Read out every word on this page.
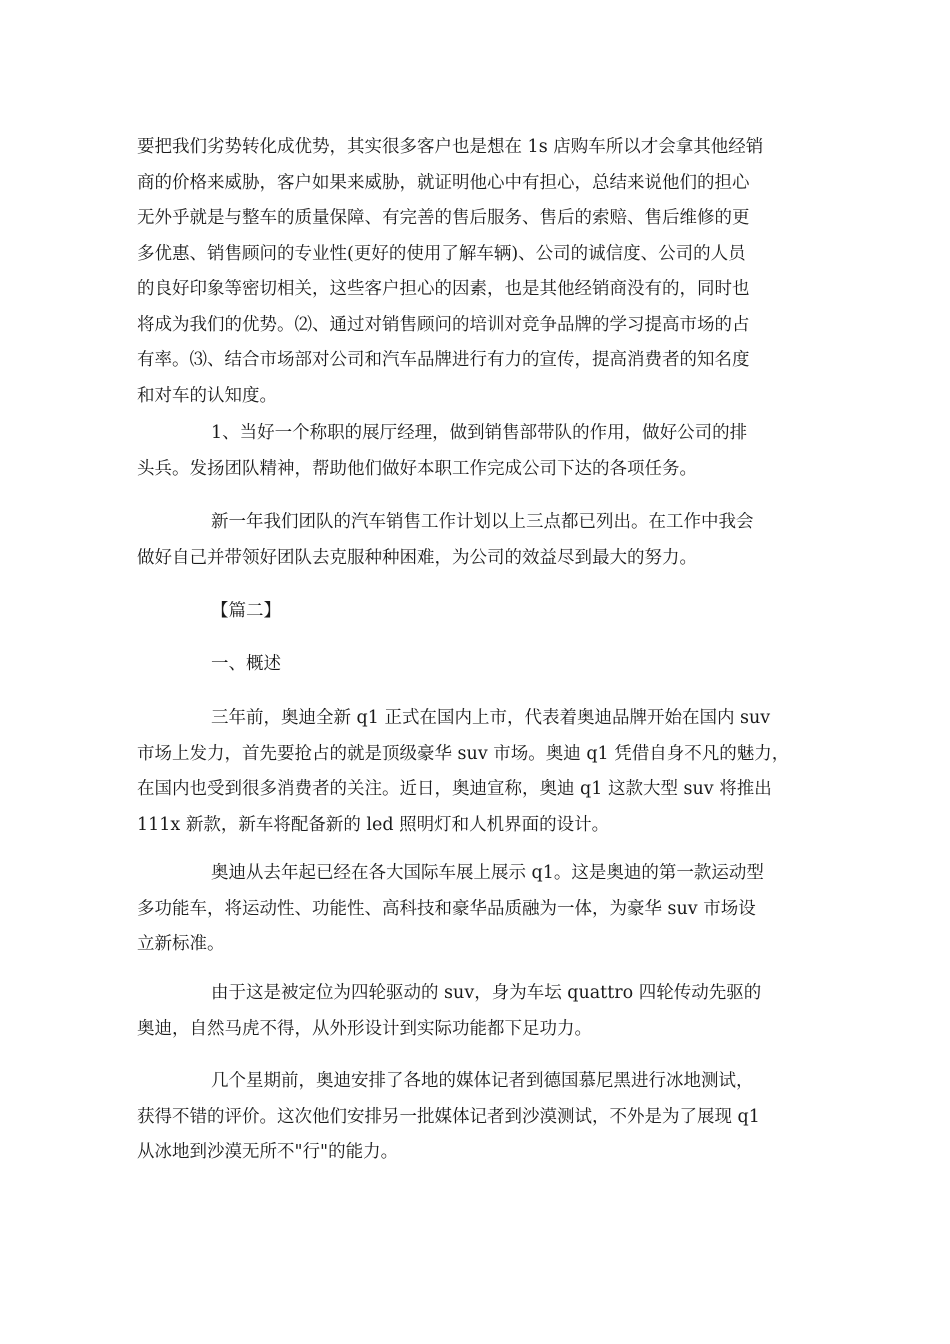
要把我们劣势转化成优势，其实很多客户也是想在 1s 店购车所以才会拿其他经销
商的价格来威胁，客户如果来威胁，就证明他心中有担心，总结来说他们的担心
无外乎就是与整车的质量保障、有完善的售后服务、售后的索赔、售后维修的更
多优惠、销售顾问的专业性(更好的使用了解车辆)、公司的诚信度、公司的人员
的良好印象等密切相关，这些客户担心的因素，也是其他经销商没有的，同时也
将成为我们的优势。⑵、通过对销售顾问的培训对竞争品牌的学习提高市场的占
有率。⑶、结合市场部对公司和汽车品牌进行有力的宣传，提高消费者的知名度
和对车的认知度。
1、当好一个称职的展厅经理，做到销售部带队的作用，做好公司的排
头兵。发扬团队精神，帮助他们做好本职工作完成公司下达的各项任务。
新一年我们团队的汽车销售工作计划以上三点都已列出。在工作中我会
做好自己并带领好团队去克服种种困难，为公司的效益尽到最大的努力。
【篇二】
一、概述
三年前，奥迪全新 q1 正式在国内上市，代表着奥迪品牌开始在国内 suv
市场上发力，首先要抢占的就是顶级豪华 suv 市场。奥迪 q1 凭借自身不凡的魅力，
在国内也受到很多消费者的关注。近日，奥迪宣称，奥迪 q1 这款大型 suv 将推出
111x 新款，新车将配备新的 led 照明灯和人机界面的设计。
奥迪从去年起已经在各大国际车展上展示 q1。这是奥迪的第一款运动型
多功能车，将运动性、功能性、高科技和豪华品质融为一体，为豪华 suv 市场设
立新标准。
由于这是被定位为四轮驱动的 suv，身为车坛 quattro 四轮传动先驱的
奥迪，自然马虎不得，从外形设计到实际功能都下足功力。
几个星期前，奥迪安排了各地的媒体记者到德国慕尼黑进行冰地测试，
获得不错的评价。这次他们安排另一批媒体记者到沙漠测试，不外是为了展现 q1
从冰地到沙漠无所不"行"的能力。
